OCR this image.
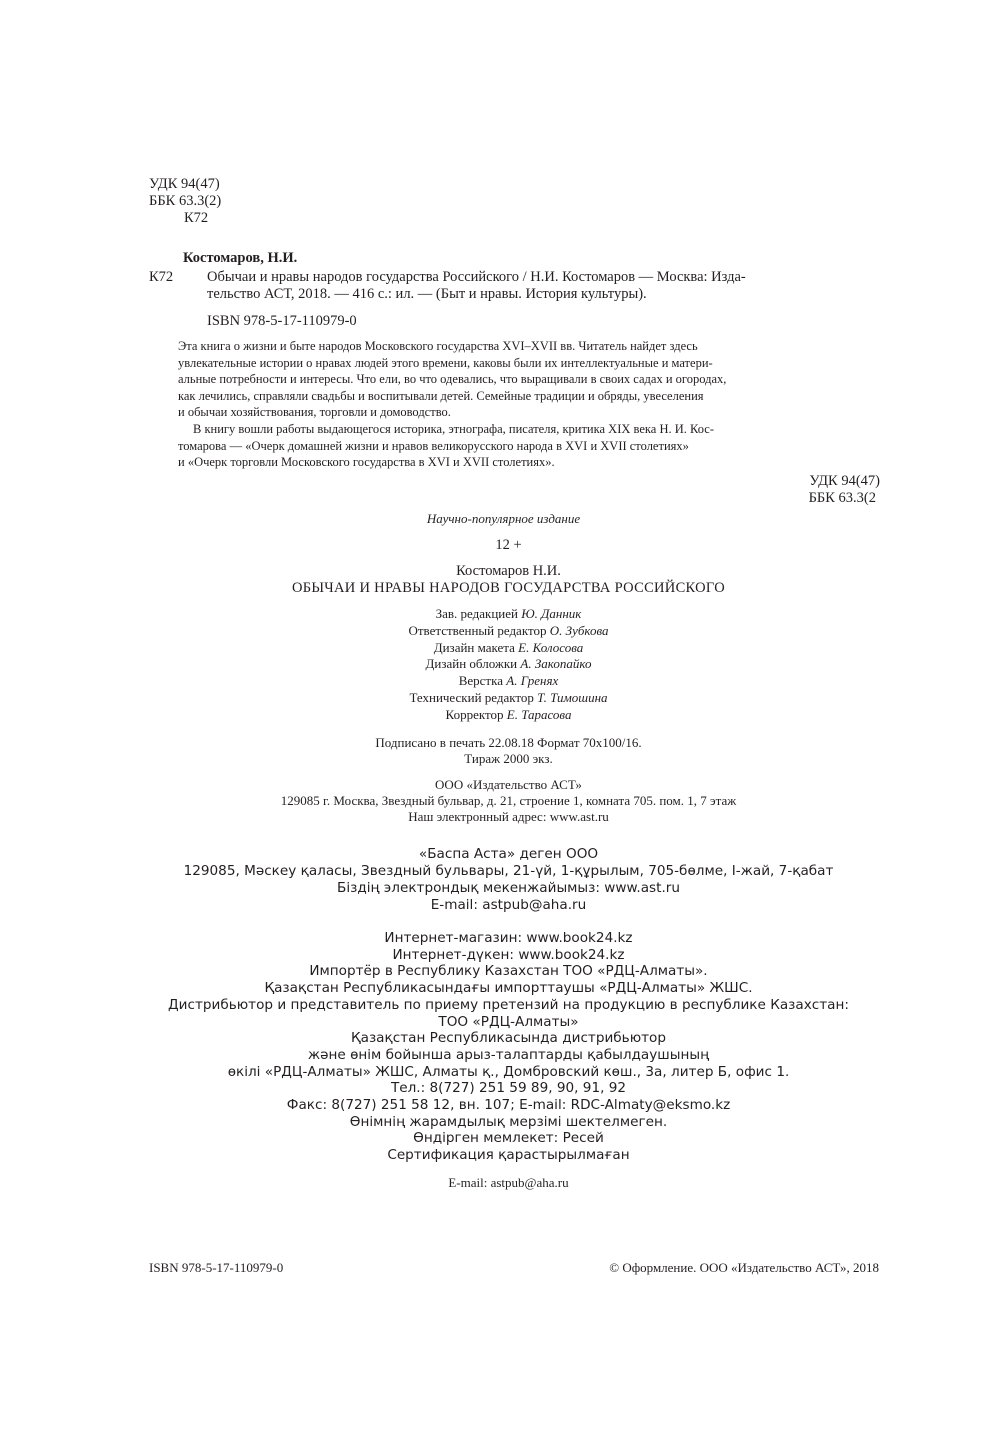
УДК 94(47)
ББК 63.3(2)
К72
Костомаров, Н.И.
К72	Обычаи и нравы народов государства Российского / Н.И. Костомаров — Москва: Изда-
тельство АСТ, 2018. — 416 с.: ил. — (Быт и нравы. История культуры).
ISBN 978-5-17-110979-0
Эта книга о жизни и быте народов Московского государства XVI–XVII вв. Читатель найдет здесь
увлекательные истории о нравах людей этого времени, каковы были их интеллектуальные и матери-
альные потребности и интересы. Что ели, во что одевались, что выращивали в своих садах и огородах,
как лечились, справляли свадьбы и воспитывали детей. Семейные традиции и обряды, увеселения
и обычаи хозяйствования, торговли и домоводство.
В книгу вошли работы выдающегося историка, этнографа, писателя, критика XIX века Н. И. Кос-
томарова — «Очерк домашней жизни и нравов великорусского народа в XVI и XVII столетиях»
и «Очерк торговли Московского государства в XVI и XVII столетиях».
УДК 94(47)
ББК 63.3(2
Научно-популярное издание
12 +
Костомаров Н.И.
ОБЫЧАИ И НРАВЫ НАРОДОВ ГОСУДАРСТВА РОССИЙСКОГО
Зав. редакцией Ю. Данник
Ответственный редактор О. Зубкова
Дизайн макета Е. Колосова
Дизайн обложки А. Закопайко
Верстка А. Гренях
Технический редактор Т. Тимошина
Корректор Е. Тарасова
Подписано в печать 22.08.18 Формат 70x100/16.
Тираж 2000 экз.
ООО «Издательство АСТ»
129085 г. Москва, Звездный бульвар, д. 21, строение 1, комната 705. пом. 1, 7 этаж
Наш электронный адрес: www.ast.ru
«Баспа Аста» деген ООО
129085, Мәскеу қаласы, Звездный бульвары, 21-үй, 1-құрылым, 705-бөлме, І-жай, 7-қабат
Біздің электрондық мекенжайымыз: www.ast.ru
E-mail: astpub@aha.ru
Интернет-магазин: www.book24.kz
Интернет-дүкен: www.book24.kz
Импортёр в Республику Казахстан ТОО «РДЦ-Алматы».
Қазақстан Республикасындағы импорттаушы «РДЦ-Алматы» ЖШС.
Дистрибьютор и представитель по приему претензий на продукцию в республике Казахстан:
ТОО «РДЦ-Алматы»
Қазақстан Республикасында дистрибьютор
және өнім бойынша арыз-талаптарды қабылдаушының
өкілі «РДЦ-Алматы» ЖШС, Алматы қ., Домбровский көш., 3а, литер Б, офис 1.
Тел.: 8(727) 251 59 89, 90, 91, 92
Факс: 8(727) 251 58 12, вн. 107; E-mail: RDC-Almaty@eksmo.kz
Өнімнің жарамдылық мерзімі шектелмеген.
Өндірген мемлекет: Ресей
Сертификация қарастырылмаған
E-mail: astpub@aha.ru
ISBN 978-5-17-110979-0	© Оформление. ООО «Издательство АСТ», 2018
